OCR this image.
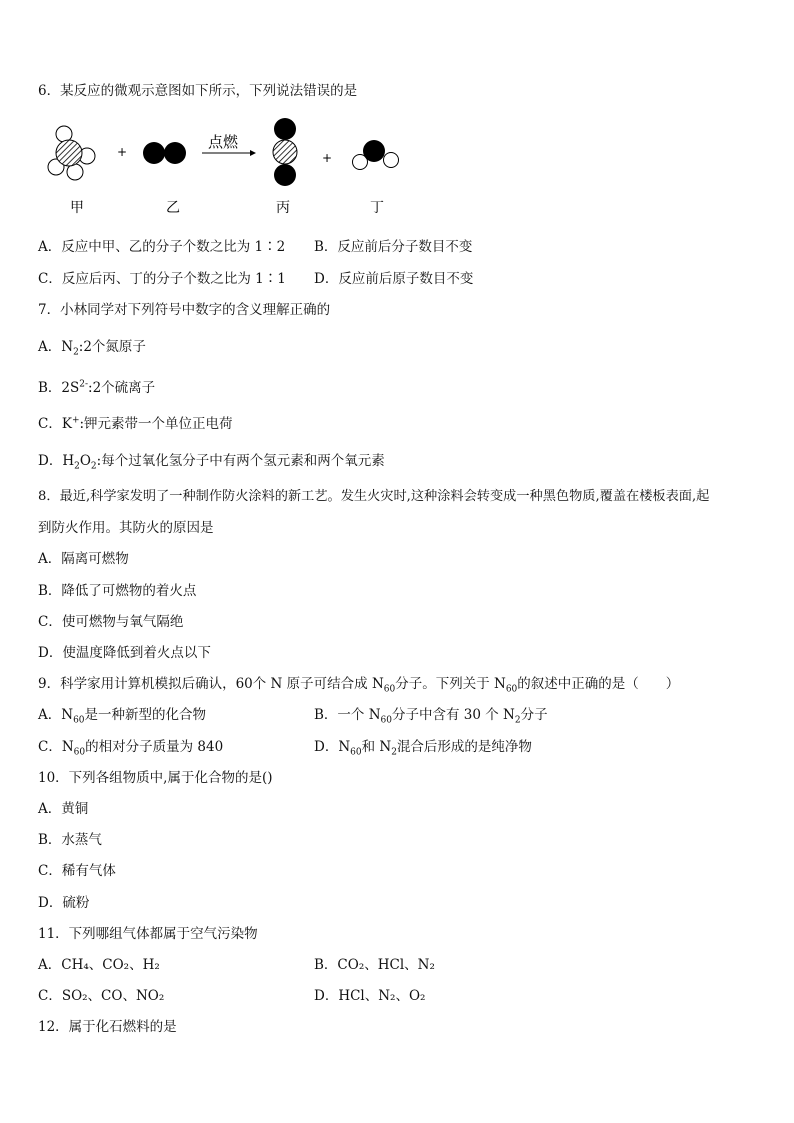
6．某反应的微观示意图如下所示，下列说法错误的是
+
点燃
+
甲	乙	丙	丁
A．反应中甲、乙的分子个数之比为 1∶2 B．反应前后分子数目不变
C．反应后丙、丁的分子个数之比为 1∶1 D．反应前后原子数目不变
7．小林同学对下列符号中数字的含义理解正确的
A．$N_2:2$个氮原子
B．$2S^{2-}:2$个硫离子
C．K+:钾元素带一个单位正电荷
D．$H_2O_2$:每个过氧化氢分子中有两个氢元素和两个氧元素
8．最近,科学家发明了一种制作防火涂料的新工艺。发生火灾时,这种涂料会转变成一种黑色物质,覆盖在楼板表面,起
到防火作用。其防火的原因是
A．隔离可燃物
B．降低了可燃物的着火点
C．使可燃物与氧气隔绝
D．使温度降低到着火点以下
9．科学家用计算机模拟后确认，60个 N 原子可结合成 $N_{60}$分子。下列关于 $N_{60}$的叙述中正确的是（　　）
A．$N_{60}$是一种新型的化合物	B．一个 $N_{60}$分子中含有 30 个 $N_2$分子
C．$N_{60}$的相对分子质量为 840	D．$N_{60}$和 $N_2$混合后形成的是纯净物
10．下列各组物质中,属于化合物的是()
A．黄铜
B．水蒸气
C．稀有气体
D．硫粉
11．下列哪组气体都属于空气污染物
A．CH₄、CO₂、H₂	B．CO₂、HCl、N₂
C．SO₂、CO、NO₂	D．HCl、N₂、O₂
12．属于化石燃料的是
